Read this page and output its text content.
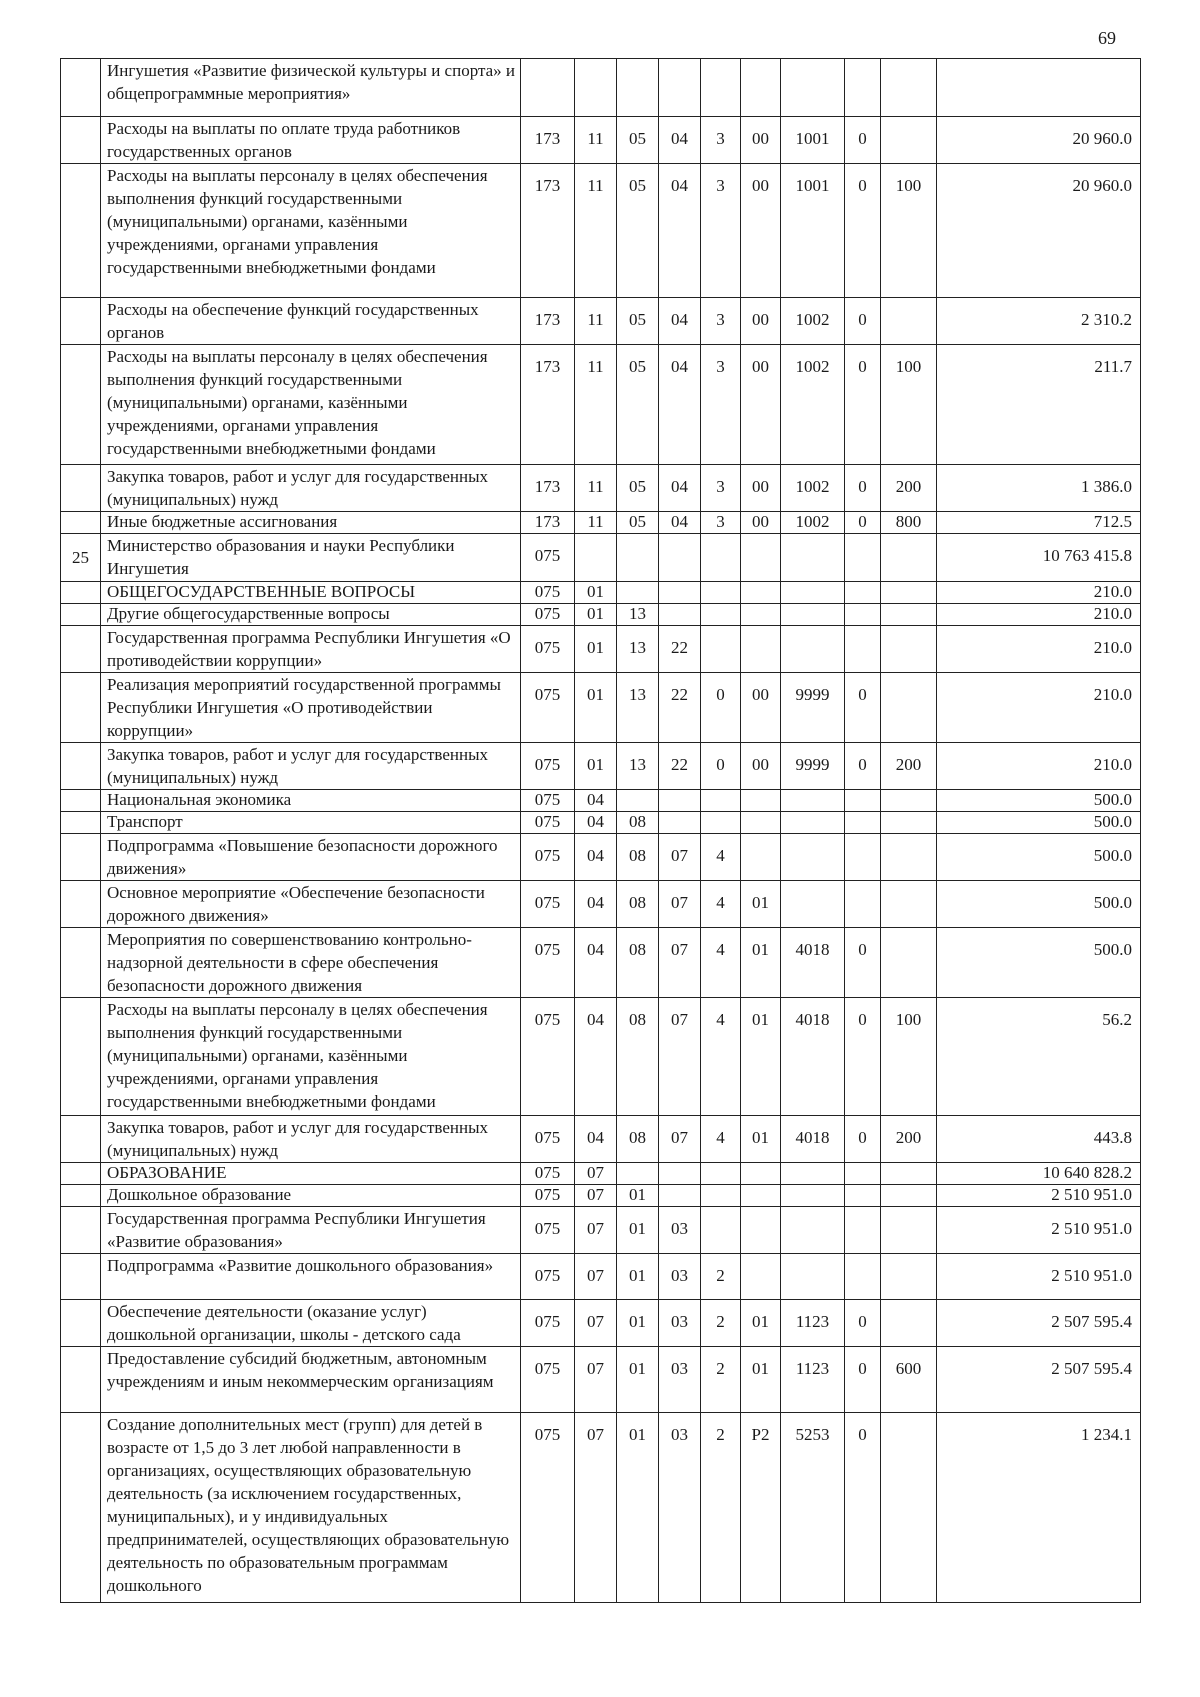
69
	Ингушетия «Развитие физической культуры и спорта» и общепрограммные мероприятия»										
	Расходы на выплаты по оплате труда работников государственных органов	173	11	05	04	3	00	1001	0		20 960.0
	Расходы на выплаты персоналу в целях обеспечения выполнения функций государственными (муниципальными) органами, казёнными учреждениями, органами управления государственными внебюджетными фондами	173	11	05	04	3	00	1001	0	100	20 960.0
	Расходы на обеспечение функций государственных органов	173	11	05	04	3	00	1002	0		2 310.2
	Расходы на выплаты персоналу в целях обеспечения выполнения функций государственными (муниципальными) органами, казёнными учреждениями, органами управления государственными внебюджетными фондами	173	11	05	04	3	00	1002	0	100	211.7
	Закупка товаров, работ и услуг для государственных (муниципальных) нужд	173	11	05	04	3	00	1002	0	200	1 386.0
	Иные бюджетные ассигнования	173	11	05	04	3	00	1002	0	800	712.5
25	Министерство образования и науки Республики Ингушетия	075									10 763 415.8
	ОБЩЕГОСУДАРСТВЕННЫЕ ВОПРОСЫ	075	01								210.0
	Другие общегосударственные вопросы	075	01	13							210.0
	Государственная программа Республики Ингушетия «О противодействии коррупции»	075	01	13	22						210.0
	Реализация мероприятий государственной программы Республики Ингушетия «О противодействии коррупции»	075	01	13	22	0	00	9999	0		210.0
	Закупка товаров, работ и услуг для государственных (муниципальных) нужд	075	01	13	22	0	00	9999	0	200	210.0
	Национальная экономика	075	04								500.0
	Транспорт	075	04	08							500.0
	Подпрограмма «Повышение безопасности дорожного движения»	075	04	08	07	4					500.0
	Основное мероприятие «Обеспечение безопасности дорожного движения»	075	04	08	07	4	01				500.0
	Мероприятия по совершенствованию контрольно-надзорной деятельности в сфере обеспечения безопасности дорожного движения	075	04	08	07	4	01	4018	0		500.0
	Расходы на выплаты персоналу в целях обеспечения выполнения функций государственными (муниципальными) органами, казёнными учреждениями, органами управления государственными внебюджетными фондами	075	04	08	07	4	01	4018	0	100	56.2
	Закупка товаров, работ и услуг для государственных (муниципальных) нужд	075	04	08	07	4	01	4018	0	200	443.8
	ОБРАЗОВАНИЕ	075	07								10 640 828.2
	Дошкольное образование	075	07	01							2 510 951.0
	Государственная программа Республики Ингушетия «Развитие образования»	075	07	01	03						2 510 951.0
	Подпрограмма «Развитие дошкольного образования»	075	07	01	03	2					2 510 951.0
	Обеспечение деятельности (оказание услуг) дошкольной организации, школы - детского сада	075	07	01	03	2	01	1123	0		2 507 595.4
	Предоставление субсидий бюджетным, автономным учреждениям и иным некоммерческим организациям	075	07	01	03	2	01	1123	0	600	2 507 595.4
	Создание дополнительных мест (групп) для детей в возрасте от 1,5 до 3 лет любой направленности в организациях, осуществляющих образовательную деятельность (за исключением государственных, муниципальных), и у индивидуальных предпринимателей, осуществляющих образовательную деятельность по образовательным программам дошкольного	075	07	01	03	2	P2	5253	0		1 234.1
